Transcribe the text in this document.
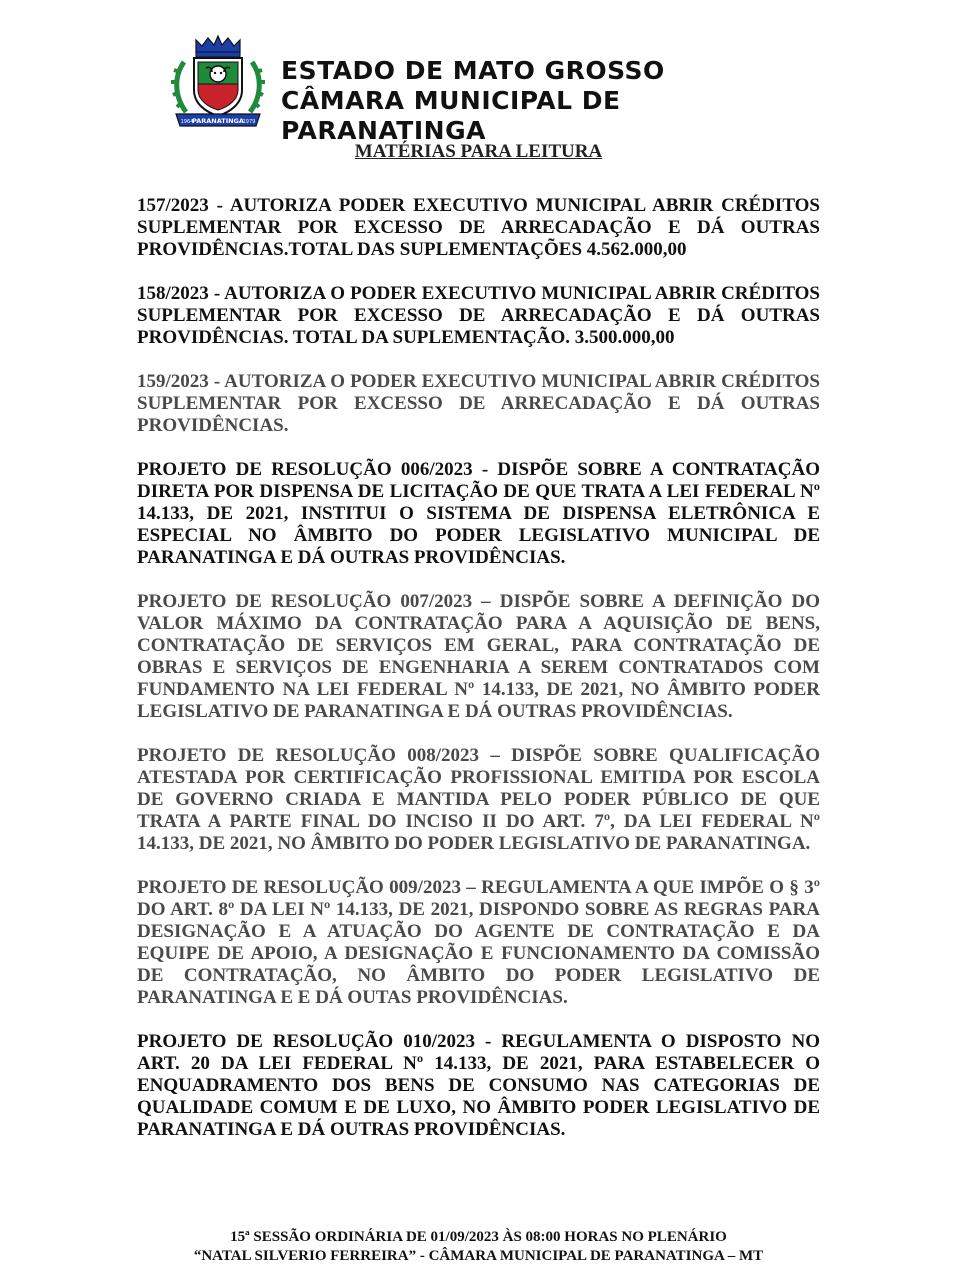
PARANATINGA
1964	1979
ESTADO DE MATO GROSSO
CÂMARA MUNICIPAL DE PARANATINGA
MATÉRIAS PARA LEITURA
157/2023 - AUTORIZA PODER EXECUTIVO MUNICIPAL ABRIR CRÉDITOS SUPLEMENTAR POR EXCESSO DE ARRECADAÇÃO E DÁ OUTRAS PROVIDÊNCIAS.TOTAL DAS SUPLEMENTAÇÕES 4.562.000,00
158/2023 - AUTORIZA O PODER EXECUTIVO MUNICIPAL ABRIR CRÉDITOS SUPLEMENTAR POR EXCESSO DE ARRECADAÇÃO E DÁ OUTRAS PROVIDÊNCIAS. TOTAL DA SUPLEMENTAÇÃO. 3.500.000,00
159/2023 - AUTORIZA O PODER EXECUTIVO MUNICIPAL ABRIR CRÉDITOS SUPLEMENTAR POR EXCESSO DE ARRECADAÇÃO E DÁ OUTRAS PROVIDÊNCIAS.
PROJETO DE RESOLUÇÃO 006/2023 - DISPÕE SOBRE A CONTRATAÇÃO DIRETA POR DISPENSA DE LICITAÇÃO DE QUE TRATA A LEI FEDERAL Nº 14.133, DE 2021, INSTITUI O SISTEMA DE DISPENSA ELETRÔNICA E ESPECIAL NO ÂMBITO DO PODER LEGISLATIVO MUNICIPAL DE PARANATINGA E DÁ OUTRAS PROVIDÊNCIAS.
PROJETO DE RESOLUÇÃO 007/2023 – DISPÕE SOBRE A DEFINIÇÃO DO VALOR MÁXIMO DA CONTRATAÇÃO PARA A AQUISIÇÃO DE BENS, CONTRATAÇÃO DE SERVIÇOS EM GERAL, PARA CONTRATAÇÃO DE OBRAS E SERVIÇOS DE ENGENHARIA A SEREM CONTRATADOS COM FUNDAMENTO NA LEI FEDERAL Nº 14.133, DE 2021, NO ÂMBITO PODER LEGISLATIVO DE PARANATINGA E DÁ OUTRAS PROVIDÊNCIAS.
PROJETO DE RESOLUÇÃO 008/2023 – DISPÕE SOBRE QUALIFICAÇÃO ATESTADA POR CERTIFICAÇÃO PROFISSIONAL EMITIDA POR ESCOLA DE GOVERNO CRIADA E MANTIDA PELO PODER PÚBLICO DE QUE TRATA A PARTE FINAL DO INCISO II DO ART. 7º, DA LEI FEDERAL Nº 14.133, DE 2021, NO ÂMBITO DO PODER LEGISLATIVO DE PARANATINGA.
PROJETO DE RESOLUÇÃO 009/2023 – REGULAMENTA A QUE IMPÕE O § 3º DO ART. 8º DA LEI Nº 14.133, DE 2021, DISPONDO SOBRE AS REGRAS PARA DESIGNAÇÃO E A ATUAÇÃO DO AGENTE DE CONTRATAÇÃO E DA EQUIPE DE APOIO, A DESIGNAÇÃO E FUNCIONAMENTO DA COMISSÃO DE CONTRATAÇÃO, NO ÂMBITO DO PODER LEGISLATIVO DE PARANATINGA E E DÁ OUTAS PROVIDÊNCIAS.
PROJETO DE RESOLUÇÃO 010/2023 - REGULAMENTA O DISPOSTO NO ART. 20 DA LEI FEDERAL Nº 14.133, DE 2021, PARA ESTABELECER O ENQUADRAMENTO DOS BENS DE CONSUMO NAS CATEGORIAS DE QUALIDADE COMUM E DE LUXO, NO ÂMBITO PODER LEGISLATIVO DE PARANATINGA E DÁ OUTRAS PROVIDÊNCIAS.
15ª SESSÃO ORDINÁRIA DE 01/09/2023 ÀS 08:00 HORAS NO PLENÁRIO
“NATAL SILVERIO FERREIRA” - CÂMARA MUNICIPAL DE PARANATINGA – MT
